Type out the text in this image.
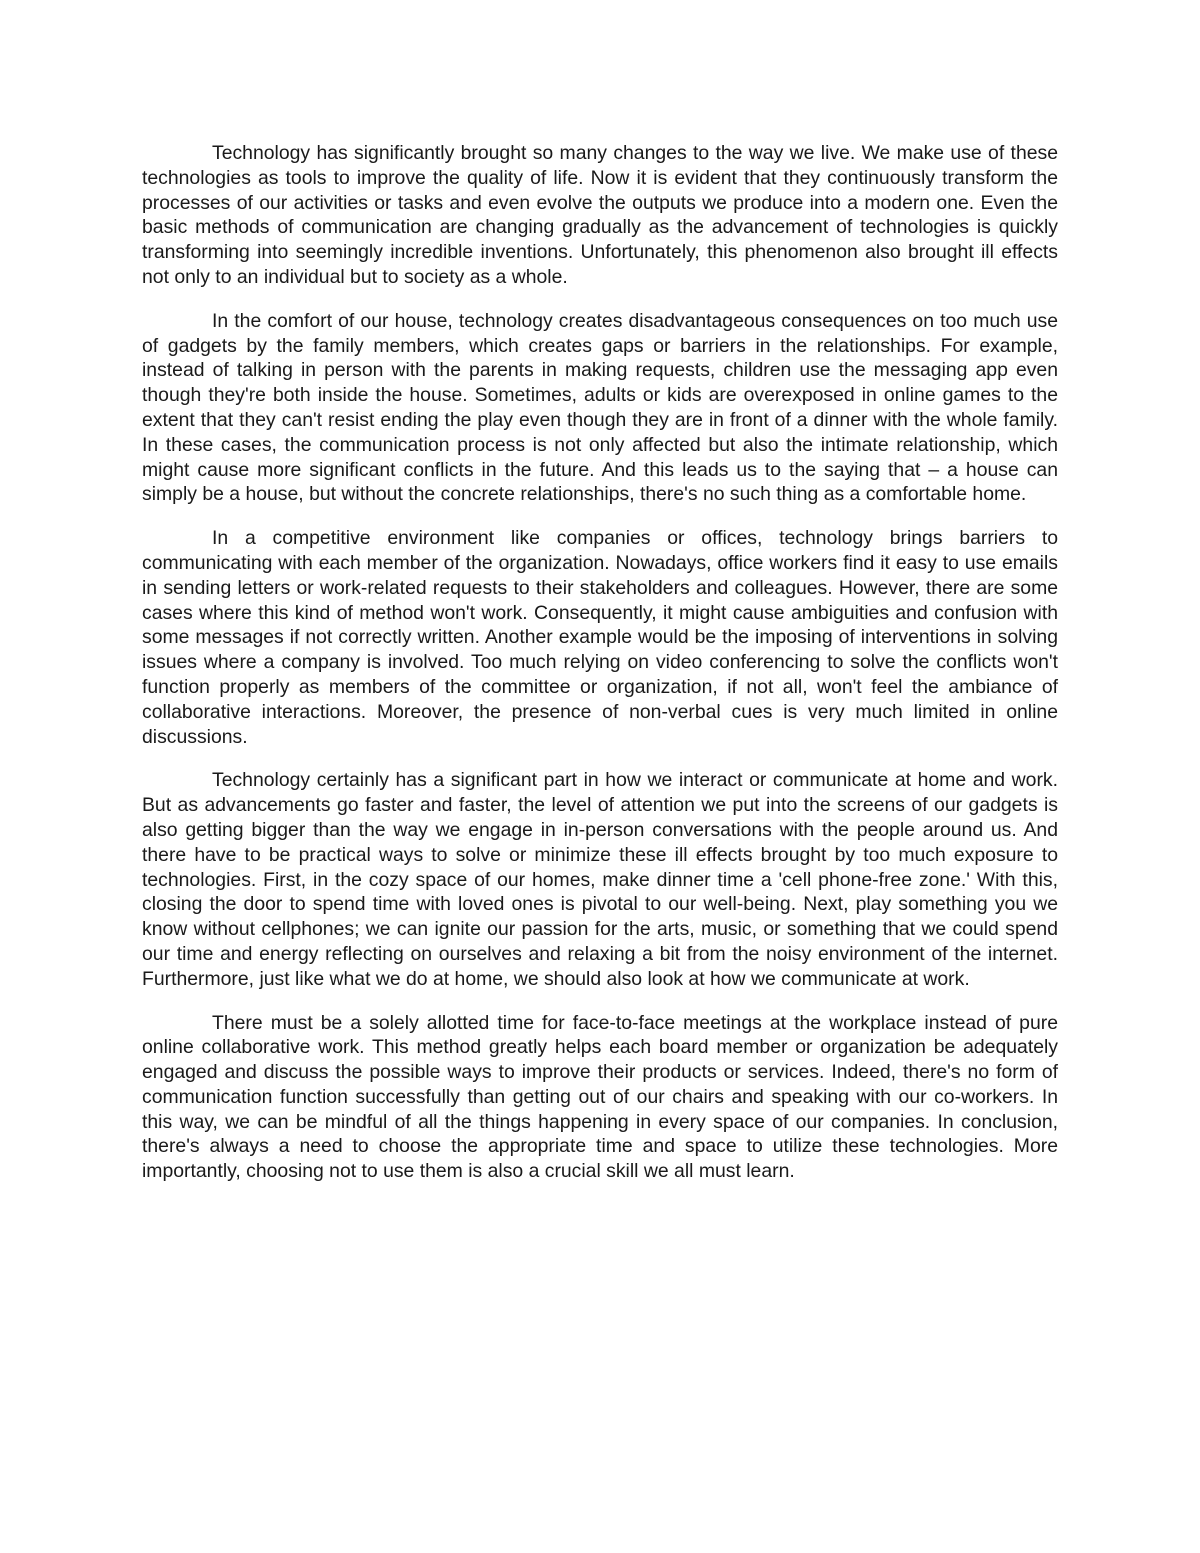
Technology has significantly brought so many changes to the way we live. We make use of these technologies as tools to improve the quality of life. Now it is evident that they continuously transform the processes of our activities or tasks and even evolve the outputs we produce into a modern one. Even the basic methods of communication are changing gradually as the advancement of technologies is quickly transforming into seemingly incredible inventions. Unfortunately, this phenomenon also brought ill effects not only to an individual but to society as a whole.

In the comfort of our house, technology creates disadvantageous consequences on too much use of gadgets by the family members, which creates gaps or barriers in the relationships. For example, instead of talking in person with the parents in making requests, children use the messaging app even though they're both inside the house. Sometimes, adults or kids are overexposed in online games to the extent that they can't resist ending the play even though they are in front of a dinner with the whole family. In these cases, the communication process is not only affected but also the intimate relationship, which might cause more significant conflicts in the future. And this leads us to the saying that – a house can simply be a house, but without the concrete relationships, there's no such thing as a comfortable home.

In a competitive environment like companies or offices, technology brings barriers to communicating with each member of the organization. Nowadays, office workers find it easy to use emails in sending letters or work-related requests to their stakeholders and colleagues. However, there are some cases where this kind of method won't work. Consequently, it might cause ambiguities and confusion with some messages if not correctly written. Another example would be the imposing of interventions in solving issues where a company is involved. Too much relying on video conferencing to solve the conflicts won't function properly as members of the committee or organization, if not all, won't feel the ambiance of collaborative interactions. Moreover, the presence of non-verbal cues is very much limited in online discussions.

Technology certainly has a significant part in how we interact or communicate at home and work. But as advancements go faster and faster, the level of attention we put into the screens of our gadgets is also getting bigger than the way we engage in in-person conversations with the people around us. And there have to be practical ways to solve or minimize these ill effects brought by too much exposure to technologies. First, in the cozy space of our homes, make dinner time a 'cell phone-free zone.' With this, closing the door to spend time with loved ones is pivotal to our well-being. Next, play something you we know without cellphones; we can ignite our passion for the arts, music, or something that we could spend our time and energy reflecting on ourselves and relaxing a bit from the noisy environment of the internet. Furthermore, just like what we do at home, we should also look at how we communicate at work.

There must be a solely allotted time for face-to-face meetings at the workplace instead of pure online collaborative work. This method greatly helps each board member or organization be adequately engaged and discuss the possible ways to improve their products or services. Indeed, there's no form of communication function successfully than getting out of our chairs and speaking with our co-workers. In this way, we can be mindful of all the things happening in every space of our companies. In conclusion, there's always a need to choose the appropriate time and space to utilize these technologies. More importantly, choosing not to use them is also a crucial skill we all must learn.
